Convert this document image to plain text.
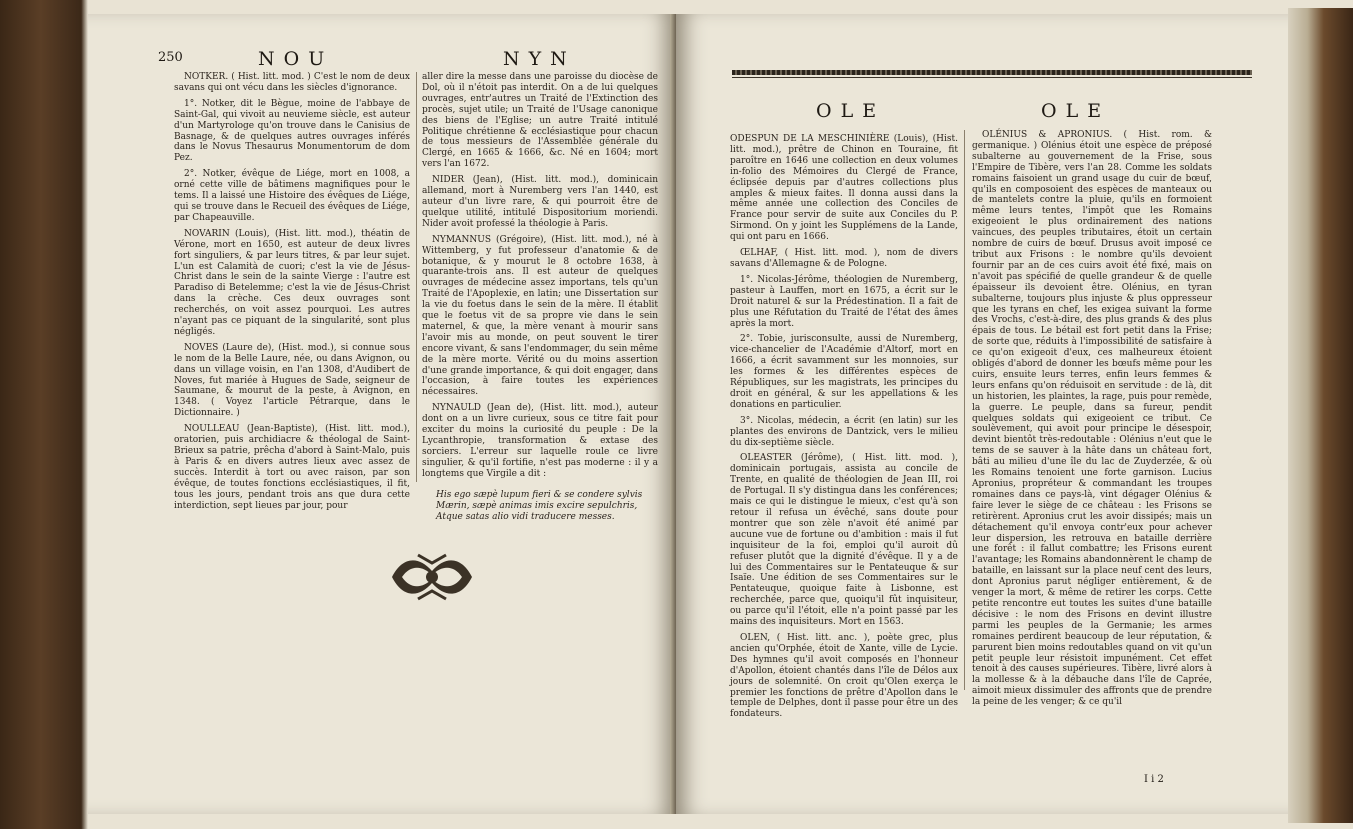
250	NOU	NYN

NOTKER. ( Hist. litt. mod. ) C'est le nom de deux savans qui ont vécu dans les siècles d'ignorance.

1°. Notker, dit le Bègue, moine de l'abbaye de Saint-Gal, qui vivoit au neuvieme siècle, est auteur d'un Martyrologe qu'on trouve dans le Canisius de Basnage, & de quelques autres ouvrages inférés dans le Novus Thesaurus Monumentorum de dom Pez.

2°. Notker, évêque de Liége, mort en 1008, a orné cette ville de bâtimens magnifiques pour le tems. Il a laissé une Histoire des évêques de Liége, qui se trouve dans le Recueil des évêques de Liége, par Chapeauville.

NOVARIN (Louis), (Hist. litt. mod.), théatin de Vérone, mort en 1650, est auteur de deux livres fort singuliers, & par leurs titres, & par leur sujet. L'un est Calamità de cuori; c'est la vie de Jésus-Christ dans le sein de la sainte Vierge : l'autre est Paradiso di Betelemme; c'est la vie de Jésus-Christ dans la crèche. Ces deux ouvrages sont recherchés, on voit assez pourquoi. Les autres n'ayant pas ce piquant de la singularité, sont plus négligés.

NOVES (Laure de), (Hist. mod.), si connue sous le nom de la Belle Laure, née, ou dans Avignon, ou dans un village voisin, en l'an 1308, d'Audibert de Noves, fut mariée à Hugues de Sade, seigneur de Saumane, & mourut de la peste, à Avignon, en 1348. ( Voyez l'article Pétrarque, dans le Dictionnaire. )

NOULLEAU (Jean-Baptiste), (Hist. litt. mod.), oratorien, puis archidiacre & théologal de Saint-Brieux sa patrie, prêcha d'abord à Saint-Malo, puis à Paris & en divers autres lieux avec assez de succès. Interdit à tort ou avec raison, par son évêque, de toutes fonctions ecclésiastiques, il fit, tous les jours, pendant trois ans que dura cette interdiction, sept lieues par jour, pour

aller dire la messe dans une paroisse du diocèse de Dol, où il n'étoit pas interdit. On a de lui quelques ouvrages, entr'autres un Traité de l'Extinction des procès, sujet utile; un Traité de l'Usage canonique des biens de l'Eglise; un autre Traité intitulé Politique chrétienne & ecclésiastique pour chacun de tous messieurs de l'Assemblée générale du Clergé, en 1665 & 1666, &c. Né en 1604; mort vers l'an 1672.

NIDER (Jean), (Hist. litt. mod.), dominicain allemand, mort à Nuremberg vers l'an 1440, est auteur d'un livre rare, & qui pourroit être de quelque utilité, intitulé Dispositorium moriendi. Nider avoit professé la théologie à Paris.

NYMANNUS (Grégoire), (Hist. litt. mod.), né à Wittemberg, y fut professeur d'anatomie & de botanique, & y mourut le 8 octobre 1638, à quarante-trois ans. Il est auteur de quelques ouvrages de médecine assez importans, tels qu'un Traité de l'Apoplexie, en latin; une Dissertation sur la vie du foetus dans le sein de la mère. Il établit que le foetus vit de sa propre vie dans le sein maternel, & que, la mère venant à mourir sans l'avoir mis au monde, on peut souvent le tirer encore vivant, & sans l'endommager, du sein même de la mère morte. Vérité ou du moins assertion d'une grande importance, & qui doit engager, dans l'occasion, à faire toutes les expériences nécessaires.

NYNAULD (Jean de), (Hist. litt. mod.), auteur dont on a un livre curieux, sous ce titre fait pour exciter du moins la curiosité du peuple : De la Lycanthropie, transformation & extase des sorciers. L'erreur sur laquelle roule ce livre singulier, & qu'il fortifie, n'est pas moderne : il y a longtems que Virgile a dit :

His ego sæpè lupum fieri & se condere sylvis
Mærin, sæpè animas imis excire sepulchris,
Atque satas alio vidi traducere messes.
OLE	OLE

ODESPUN DE LA MESCHINIÈRE (Louis), (Hist. litt. mod.), prêtre de Chinon en Touraine, fit paroître en 1646 une collection en deux volumes in-folio des Mémoires du Clergé de France, éclipsée depuis par d'autres collections plus amples & mieux faites. Il donna aussi dans la même année une collection des Conciles de France pour servir de suite aux Conciles du P. Sirmond. On y joint les Supplémens de la Lande, qui ont paru en 1666.

ŒLHAF, ( Hist. litt. mod. ), nom de divers savans d'Allemagne & de Pologne.

1°. Nicolas-Jérôme, théologien de Nuremberg, pasteur à Lauffen, mort en 1675, a écrit sur le Droit naturel & sur la Prédestination. Il a fait de plus une Réfutation du Traité de l'état des âmes après la mort.

2°. Tobie, jurisconsulte, aussi de Nuremberg, vice-chancelier de l'Académie d'Altorf, mort en 1666, a écrit savamment sur les monnoies, sur les formes & les différentes espèces de Républiques, sur les magistrats, les principes du droit en général, & sur les appellations & les donations en particulier.

3°. Nicolas, médecin, a écrit (en latin) sur les plantes des environs de Dantzick, vers le milieu du dix-septième siècle.

OLEASTER (Jérôme), ( Hist. litt. mod. ), dominicain portugais, assista au concile de Trente, en qualité de théologien de Jean III, roi de Portugal. Il s'y distingua dans les conférences; mais ce qui le distingue le mieux, c'est qu'à son retour il refusa un évêché, sans doute pour montrer que son zèle n'avoit été animé par aucune vue de fortune ou d'ambition : mais il fut inquisiteur de la foi, emploi qu'il auroit dû refuser plutôt que la dignité d'évêque. Il y a de lui des Commentaires sur le Pentateuque & sur Isaïe. Une édition de ses Commentaires sur le Pentateuque, quoique faite à Lisbonne, est recherchée, parce que, quoiqu'il fût inquisiteur, ou parce qu'il l'étoit, elle n'a point passé par les mains des inquisiteurs. Mort en 1563.

OLEN, ( Hist. litt. anc. ), poète grec, plus ancien qu'Orphée, étoit de Xante, ville de Lycie. Des hymnes qu'il avoit composés en l'honneur d'Apollon, étoient chantés dans l'île de Délos aux jours de solemnité. On croit qu'Olen exerça le premier les fonctions de prêtre d'Apollon dans le temple de Delphes, dont il passe pour être un des fondateurs.

OLÉNIUS & APRONIUS. ( Hist. rom. & germanique. ) Olénius étoit une espèce de préposé subalterne au gouvernement de la Frise, sous l'Empire de Tibère, vers l'an 28. Comme les soldats romains faisoient un grand usage du cuir de bœuf, qu'ils en composoient des espèces de manteaux ou de mantelets contre la pluie, qu'ils en formoient même leurs tentes, l'impôt que les Romains exigeoient le plus ordinairement des nations vaincues, des peuples tributaires, étoit un certain nombre de cuirs de bœuf. Drusus avoit imposé ce tribut aux Frisons : le nombre qu'ils devoient fournir par an de ces cuirs avoit été fixé, mais on n'avoit pas spécifié de quelle grandeur & de quelle épaisseur ils devoient être. Olénius, en tyran subalterne, toujours plus injuste & plus oppresseur que les tyrans en chef, les exigea suivant la forme des Vrochs, c'est-à-dire, des plus grands & des plus épais de tous. Le bétail est fort petit dans la Frise; de sorte que, réduits à l'impossibilité de satisfaire à ce qu'on exigeoit d'eux, ces malheureux étoient obligés d'abord de donner les bœufs même pour les cuirs, ensuite leurs terres, enfin leurs femmes & leurs enfans qu'on réduisoit en servitude : de là, dit un historien, les plaintes, la rage, puis pour remède, la guerre. Le peuple, dans sa fureur, pendit quelques soldats qui exigeoient ce tribut. Ce soulèvement, qui avoit pour principe le désespoir, devint bientôt très-redoutable : Olénius n'eut que le tems de se sauver à la hâte dans un château fort, bâti au milieu d'une île du lac de Zuyderzée, & où les Romains tenoient une forte garnison. Lucius Apronius, propréteur & commandant les troupes romaines dans ce pays-là, vint dégager Olénius & faire lever le siège de ce château : les Frisons se retirèrent. Apronius crut les avoir dissipés; mais un détachement qu'il envoya contr'eux pour achever leur dispersion, les retrouva en bataille derrière une forêt : il fallut combattre; les Frisons eurent l'avantage; les Romains abandonnèrent le champ de bataille, en laissant sur la place neuf cent des leurs, dont Apronius parut négliger entièrement, & de venger la mort, & même de retirer les corps. Cette petite rencontre eut toutes les suites d'une bataille décisive : le nom des Frisons en devint illustre parmi les peuples de la Germanie; les armes romaines perdirent beaucoup de leur réputation, & parurent bien moins redoutables quand on vit qu'un petit peuple leur résistoit impunément. Cet effet tenoit à des causes supérieures. Tibère, livré alors à la mollesse & à la débauche dans l'île de Caprée, aimoit mieux dissimuler des affronts que de prendre la peine de les venger; & ce qu'il

I i 2
